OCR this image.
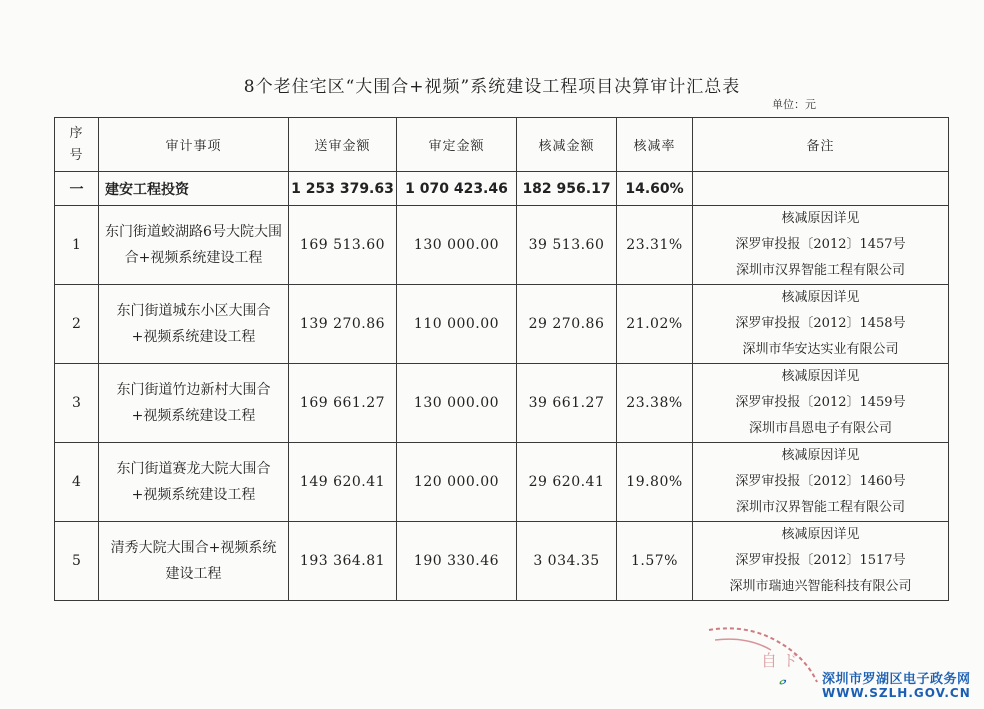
8个老住宅区“大围合+视频”系统建设工程项目决算审计汇总表
单位：元
序
号	审计事项	送审金额	审定金额	核减金额	核减率	备注
一	建安工程投资	1 253 379.63	1 070 423.46	182 956.17	14.60%	
1	东门街道蛟湖路6号大院大围合+视频系统建设工程	169 513.60	130 000.00	39 513.60	23.31%	核减原因详见
深罗审投报〔2012〕1457号
深圳市汉界智能工程有限公司

2	东门街道城东小区大围合+视频系统建设工程	139 270.86	110 000.00	29 270.86	21.02%	核减原因详见
深罗审投报〔2012〕1458号
深圳市华安达实业有限公司

3	东门街道竹边新村大围合+视频系统建设工程	169 661.27	130 000.00	39 661.27	23.38%	核减原因详见
深罗审投报〔2012〕1459号
深圳市昌恩电子有限公司

4	东门街道赛龙大院大围合+视频系统建设工程	149 620.41	120 000.00	29 620.41	19.80%	核减原因详见
深罗审投报〔2012〕1460号
深圳市汉界智能工程有限公司

5	清秀大院大围合+视频系统建设工程	193 364.81	190 330.46	3 034.35	1.57%	核减原因详见
深罗审投报〔2012〕1517号
深圳市瑞迪兴智能科技有限公司
自 ド
深圳市罗湖区电子政务网
WWW.SZLH.GOV.CN
